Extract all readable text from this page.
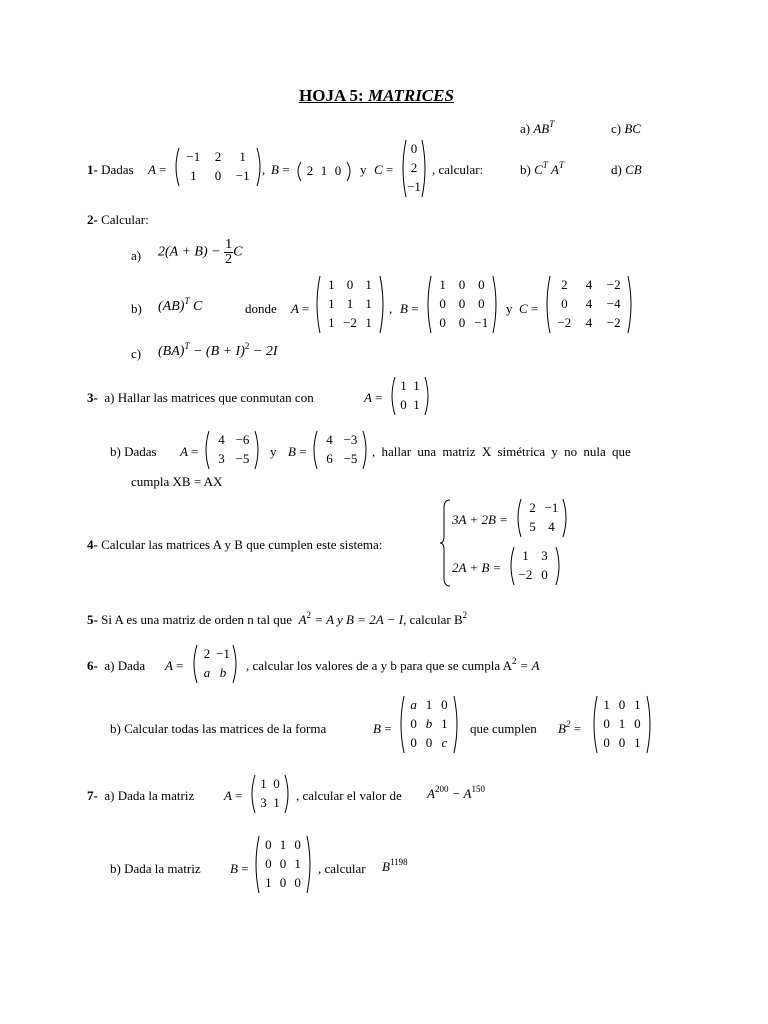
HOJA 5: MATRICES
1- Dadas A =
−1	2	1
1	0	−1 , B =	2 1 0	y C =
0
2
−1
, calcular:
a) $AB^T$	c) BC
b) $C^T$ $A^T$	d) CB
2- Calcular:
a) $2(A + B) - \frac{1}{2}$ C
b) (AB)$^T$ C	donde A =
1 0 1
1 1 1
1 −2 1
, B =
1 0 0
0 0 0
0 0 −1
y C =
2	4	−2
0	4	−4
−2	4	−2
c) $(BA)^T - (B + I)^2 - 2I$
3- a) Hallar las matrices que conmutan con	A =
1 1
0 1
b) Dadas A =
4 −6
3 −5 y B =
4 −3
6 −5 , hallar una matriz X simétrica y no nula que
cumpla XB = AX
4- Calcular las matrices A y B que cumplen este sistema:
3A + 2B =
2 −1
5 4
2A + B =
1 3
−2 0
5- Si A es una matriz de orden n tal que $A^2 = A$ y B = 2A − I, calcular $B^2$
6- a) Dada A =
2 −1
a b	, calcular los valores de a y b para que se cumpla $A^2 = A$
b) Calcular todas las matrices de la forma	B =
a 1 0
0 b 1
0 0 c
que cumplen $B^2$ =
1 0 1
0 1 0
0 0 1
7- a) Dada la matriz A =
1 0
3 1	, calcular el valor de $A^{200} - A^{150}$
b) Dada la matriz B =
0 1 0
0 0 1
1 0 0
, calcular $B^{1198}$
